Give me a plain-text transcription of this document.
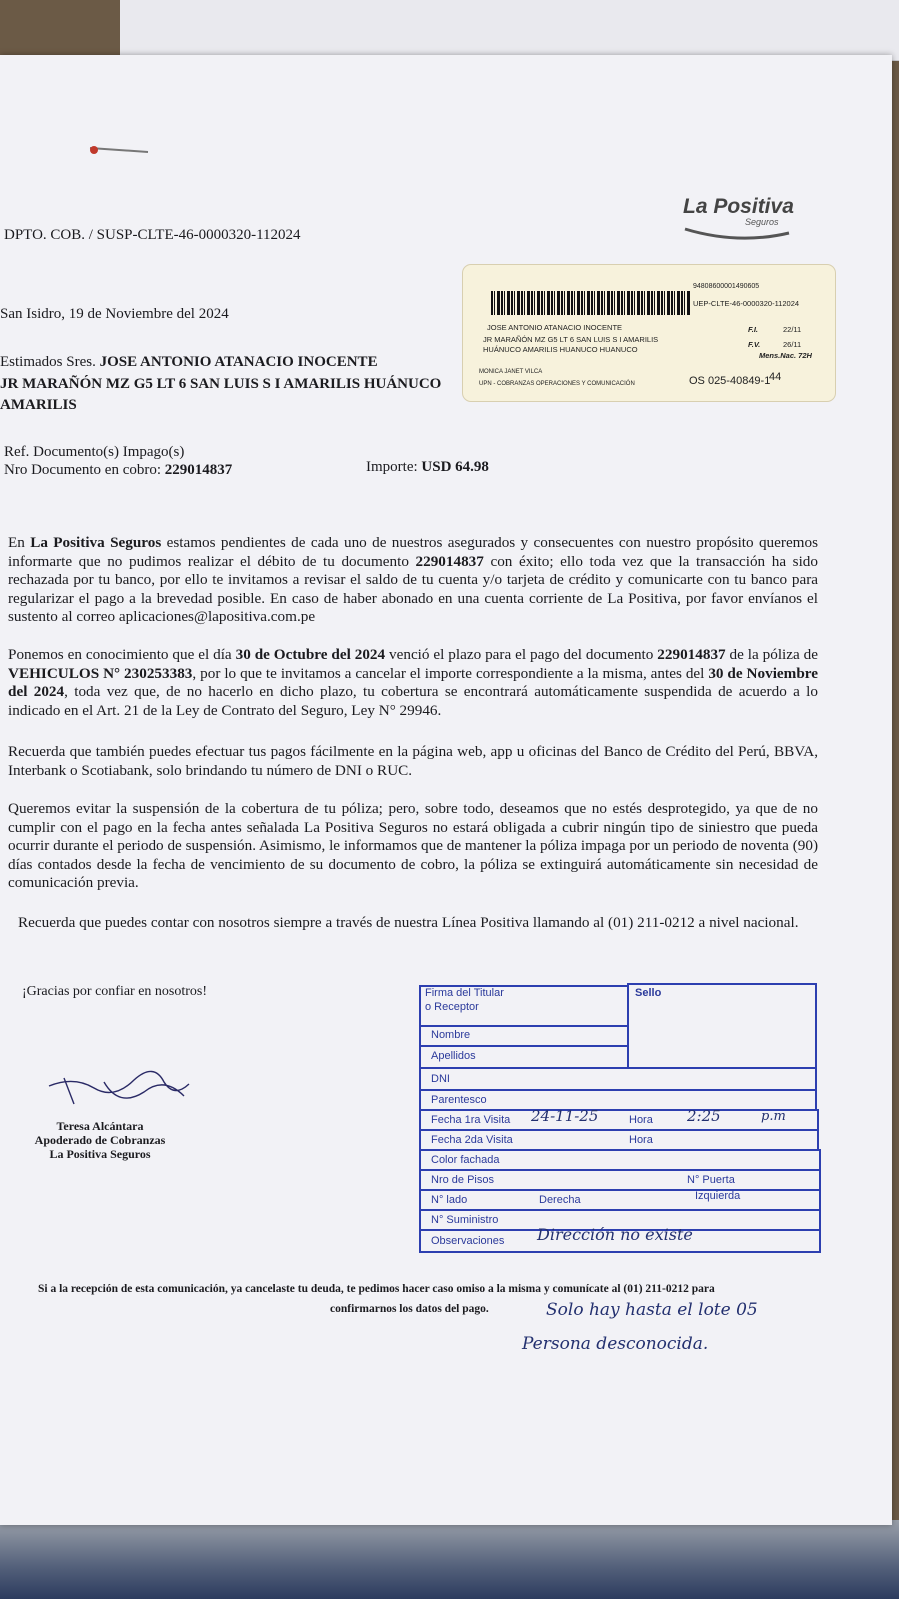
La Positiva
Seguros
DPTO. COB. / SUSP-CLTE-46-0000320-112024
San Isidro, 19 de Noviembre del 2024
Estimados Sres. JOSE ANTONIO ATANACIO INOCENTE
JR MARAÑÓN MZ G5 LT 6 SAN LUIS S I AMARILIS HUÁNUCO
AMARILIS
94808600001490605
UEP-CLTE-46-0000320-112024
JOSE ANTONIO ATANACIO INOCENTE
JR MARAÑÓN MZ G5 LT 6 SAN LUIS S I AMARILIS
HUÁNUCO AMARILIS HUANUCO HUANUCO
F.I.	22/11
F.V.	26/11
Mens.Nac. 72H
MONICA JANET VILCA
UPN - COBRANZAS OPERACIONES Y COMUNICACIÓN	OS 025-40849-1
44
Ref. Documento(s) Impago(s)
Nro Documento en cobro: 229014837	Importe: USD 64.98

En La Positiva Seguros estamos pendientes de cada uno de nuestros asegurados y consecuentes con nuestro propósito queremos informarte que no pudimos realizar el débito de tu documento 229014837 con éxito; ello toda vez que la transacción ha sido rechazada por tu banco, por ello te invitamos a revisar el saldo de tu cuenta y/o tarjeta de crédito y comunicarte con tu banco para regularizar el pago a la brevedad posible. En caso de haber abonado en una cuenta corriente de La Positiva, por favor envíanos el sustento al correo aplicaciones@lapositiva.com.pe

Ponemos en conocimiento que el día 30 de Octubre del 2024 venció el plazo para el pago del documento 229014837 de la póliza de VEHICULOS N° 230253383, por lo que te invitamos a cancelar el importe correspondiente a la misma, antes del 30 de Noviembre del 2024, toda vez que, de no hacerlo en dicho plazo, tu cobertura se encontrará automáticamente suspendida de acuerdo a lo indicado en el Art. 21 de la Ley de Contrato del Seguro, Ley N° 29946.

Recuerda que también puedes efectuar tus pagos fácilmente en la página web, app u oficinas del Banco de Crédito del Perú, BBVA, Interbank o Scotiabank, solo brindando tu número de DNI o RUC.

Queremos evitar la suspensión de la cobertura de tu póliza; pero, sobre todo, deseamos que no estés desprotegido, ya que de no cumplir con el pago en la fecha antes señalada La Positiva Seguros no estará obligada a cubrir ningún tipo de siniestro que pueda ocurrir durante el periodo de suspensión. Asimismo, le informamos que de mantener la póliza impaga por un periodo de noventa (90) días contados desde la fecha de vencimiento de su documento de cobro, la póliza se extinguirá automáticamente sin necesidad de comunicación previa.

Recuerda que puedes contar con nosotros siempre a través de nuestra Línea Positiva llamando al (01) 211-0212 a nivel nacional.

¡Gracias por confiar en nosotros!
Teresa Alcántara
Apoderado de Cobranzas
La Positiva Seguros
Firma del Titular
o Receptor
Sello
Nombre
Apellidos
DNI
Parentesco
Fecha 1ra Visita 24-11-25	Hora 2:25	p.m
Fecha 2da Visita	Hora
Color fachada
Nro de Pisos	N° Puerta
N° lado	Derecha	Izquierda
N° Suministro
Observaciones Dirección no existe
Solo hay hasta el lote 05
Persona desconocida.
Si a la recepción de esta comunicación, ya cancelaste tu deuda, te pedimos hacer caso omiso a la misma y comunícate al (01) 211-0212 para
confirmarnos los datos del pago.
